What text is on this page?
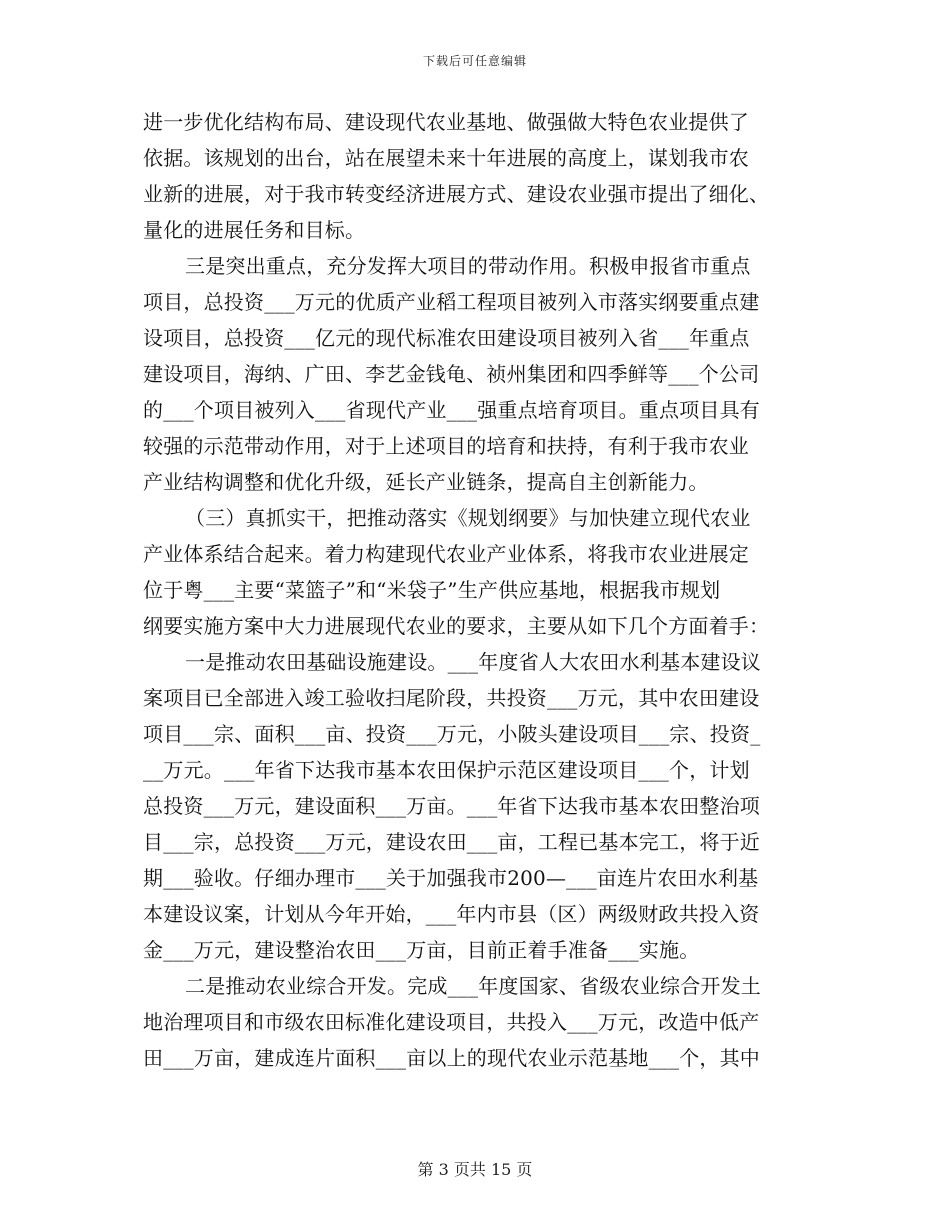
下载后可任意编辑
进一步优化结构布局、建设现代农业基地、做强做大特色农业提供了
依据。该规划的出台，站在展望未来十年进展的高度上，谋划我市农
业新的进展，对于我市转变经济进展方式、建设农业强市提出了细化、
量化的进展任务和目标。
三是突出重点，充分发挥大项目的带动作用。积极申报省市重点
项目，总投资___万元的优质产业稻工程项目被列入市落实纲要重点建
设项目，总投资___亿元的现代标准农田建设项目被列入省___年重点
建设项目，海纳、广田、李艺金钱龟、祯州集团和四季鲜等___个公司
的___个项目被列入___省现代产业___强重点培育项目。重点项目具有
较强的示范带动作用，对于上述项目的培育和扶持，有利于我市农业
产业结构调整和优化升级，延长产业链条，提高自主创新能力。
（三）真抓实干，把推动落实《规划纲要》与加快建立现代农业
产业体系结合起来。着力构建现代农业产业体系，将我市农业进展定
位于粤___主要“菜篮子”和“米袋子”生产供应基地，根据我市规划
纲要实施方案中大力进展现代农业的要求，主要从如下几个方面着手：
一是推动农田基础设施建设。___年度省人大农田水利基本建设议
案项目已全部进入竣工验收扫尾阶段，共投资___万元，其中农田建设
项目___宗、面积___亩、投资___万元，小陂头建设项目___宗、投资_
__万元。___年省下达我市基本农田保护示范区建设项目___个，计划
总投资___万元，建设面积___万亩。___年省下达我市基本农田整治项
目___宗，总投资___万元，建设农田___亩，工程已基本完工，将于近
期___验收。仔细办理市___关于加强我市200—___亩连片农田水利基
本建设议案，计划从今年开始，___年内市县（区）两级财政共投入资
金___万元，建设整治农田___万亩，目前正着手准备___实施。
二是推动农业综合开发。完成___年度国家、省级农业综合开发土
地治理项目和市级农田标准化建设项目，共投入___万元，改造中低产
田___万亩，建成连片面积___亩以上的现代农业示范基地___个，其中
第 3 页共 15 页
